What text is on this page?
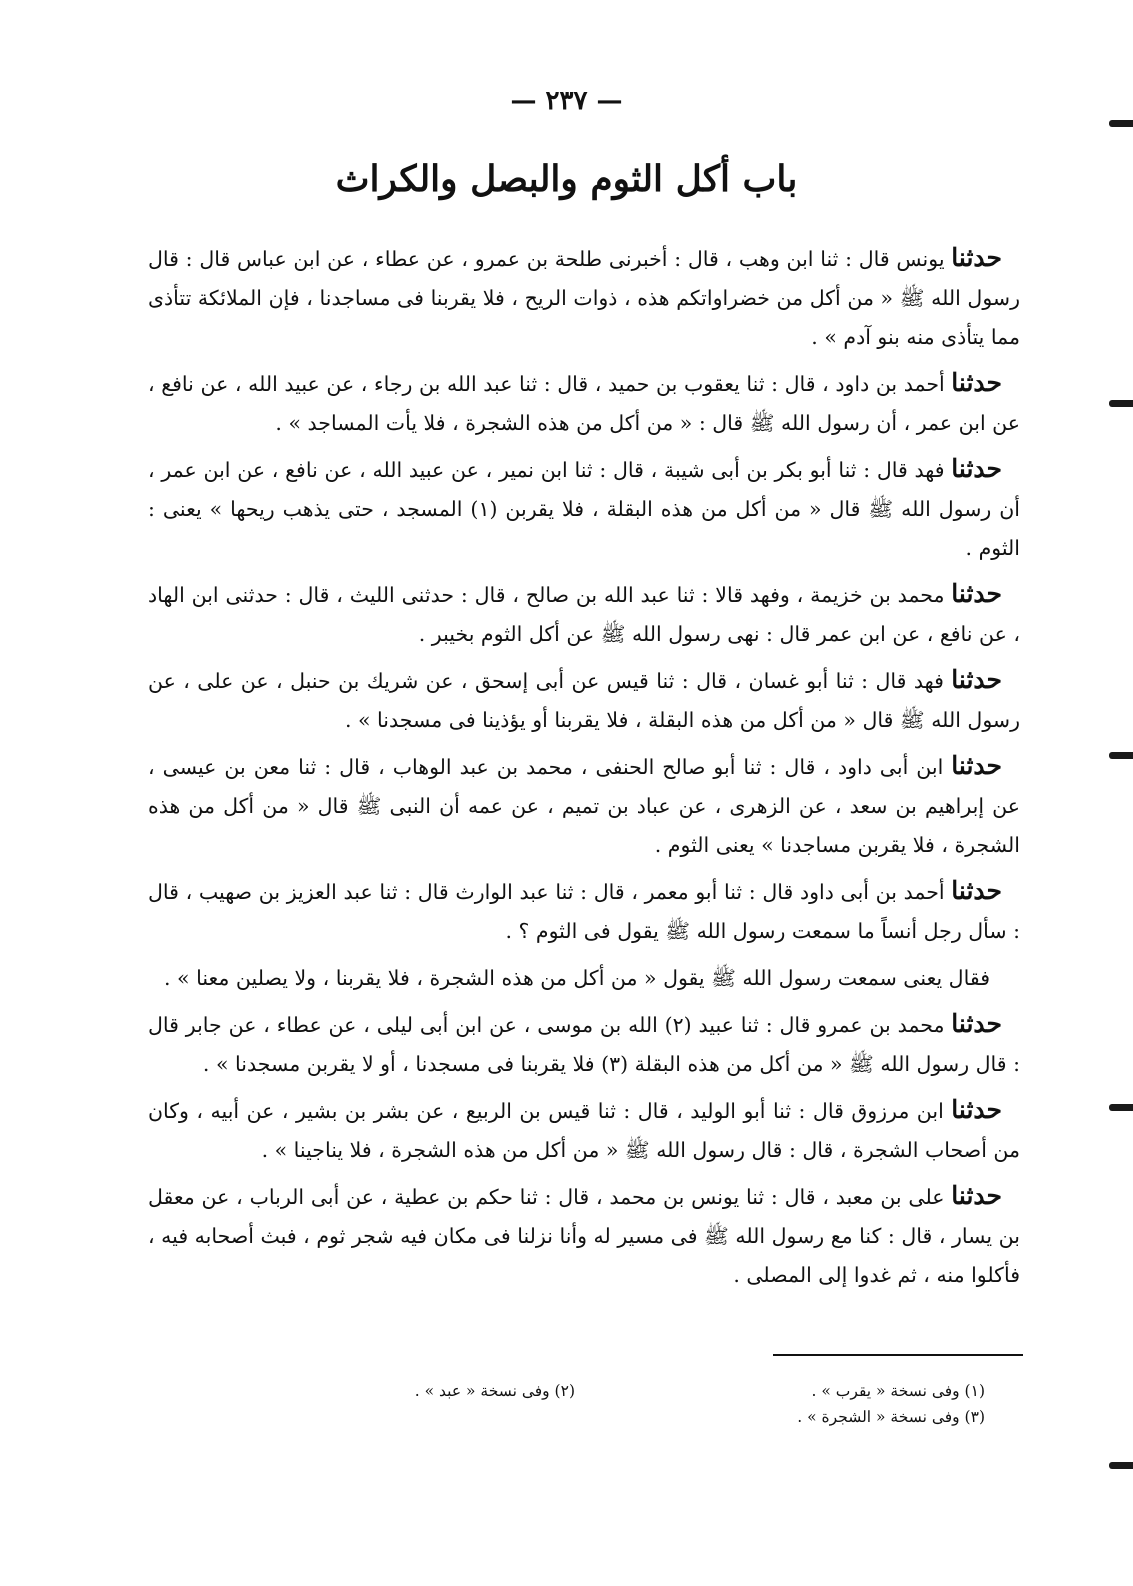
— ٢٣٧ —
باب أكل الثوم والبصل والكراث

حدثنا يونس قال : ثنا ابن وهب ، قال : أخبرنى طلحة بن عمرو ، عن عطاء ، عن ابن عباس قال : قال رسول الله ﷺ « من أكل من خضراواتكم هذه ، ذوات الريح ، فلا يقربنا فى مساجدنا ، فإن الملائكة تتأذى مما يتأذى منه بنو آدم » .

حدثنا أحمد بن داود ، قال : ثنا يعقوب بن حميد ، قال : ثنا عبد الله بن رجاء ، عن عبيد الله ، عن نافع ، عن ابن عمر ، أن رسول الله ﷺ قال : « من أكل من هذه الشجرة ، فلا يأت المساجد » .

حدثنا فهد قال : ثنا أبو بكر بن أبى شيبة ، قال : ثنا ابن نمير ، عن عبيد الله ، عن نافع ، عن ابن عمر ، أن رسول الله ﷺ قال « من أكل من هذه البقلة ، فلا يقربن (١) المسجد ، حتى يذهب ريحها » يعنى : الثوم .

حدثنا محمد بن خزيمة ، وفهد قالا : ثنا عبد الله بن صالح ، قال : حدثنى الليث ، قال : حدثنى ابن الهاد ، عن نافع ، عن ابن عمر قال : نهى رسول الله ﷺ عن أكل الثوم بخيبر .

حدثنا فهد قال : ثنا أبو غسان ، قال : ثنا قيس عن أبى إسحق ، عن شريك بن حنبل ، عن على ، عن رسول الله ﷺ قال « من أكل من هذه البقلة ، فلا يقربنا أو يؤذينا فى مسجدنا » .

حدثنا ابن أبى داود ، قال : ثنا أبو صالح الحنفى ، محمد بن عبد الوهاب ، قال : ثنا معن بن عيسى ، عن إبراهيم بن سعد ، عن الزهرى ، عن عباد بن تميم ، عن عمه أن النبى ﷺ قال « من أكل من هذه الشجرة ، فلا يقربن مساجدنا » يعنى الثوم .

حدثنا أحمد بن أبى داود قال : ثنا أبو معمر ، قال : ثنا عبد الوارث قال : ثنا عبد العزيز بن صهيب ، قال : سأل رجل أنساً ما سمعت رسول الله ﷺ يقول فى الثوم ؟ .

فقال يعنى سمعت رسول الله ﷺ يقول « من أكل من هذه الشجرة ، فلا يقربنا ، ولا يصلين معنا » .

حدثنا محمد بن عمرو قال : ثنا عبيد (٢) الله بن موسى ، عن ابن أبى ليلى ، عن عطاء ، عن جابر قال : قال رسول الله ﷺ « من أكل من هذه البقلة (٣) فلا يقربنا فى مسجدنا ، أو لا يقربن مسجدنا » .

حدثنا ابن مرزوق قال : ثنا أبو الوليد ، قال : ثنا قيس بن الربيع ، عن بشر بن بشير ، عن أبيه ، وكان من أصحاب الشجرة ، قال : قال رسول الله ﷺ « من أكل من هذه الشجرة ، فلا يناجينا » .

حدثنا على بن معبد ، قال : ثنا يونس بن محمد ، قال : ثنا حكم بن عطية ، عن أبى الرباب ، عن معقل بن يسار ، قال : كنا مع رسول الله ﷺ فى مسير له وأنا نزلنا فى مكان فيه شجر ثوم ، فبث أصحابه فيه ، فأكلوا منه ، ثم غدوا إلى المصلى .

(١) وفى نسخة « يقرب » .
(٢) وفى نسخة « عبد » .
(٣) وفى نسخة « الشجرة » .
